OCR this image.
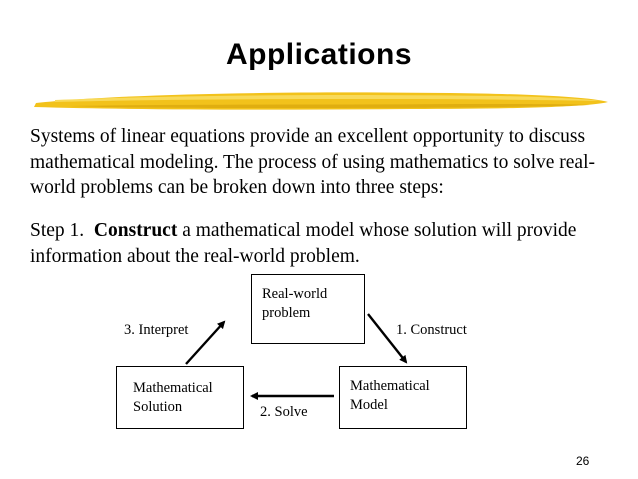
Applications

Systems of linear equations provide an excellent opportunity to discuss mathematical modeling. The process of using mathematics to solve real-world problems can be broken down into three steps:

Step 1.  Construct a mathematical model whose solution will provide information about the real-world problem.

Real-world
problem
Mathematical
Model
Mathematical
Solution
1. Construct
2. Solve
3. Interpret
26
